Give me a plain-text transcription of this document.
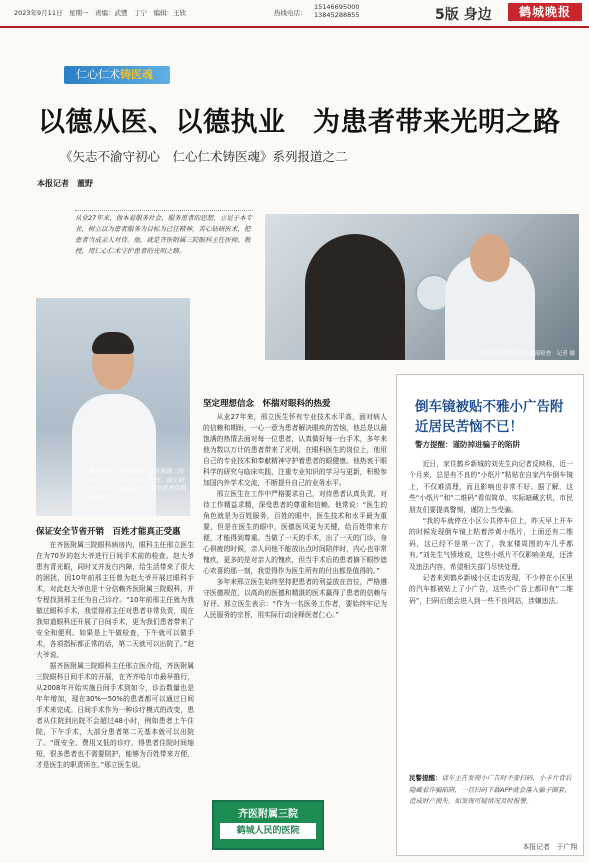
2023年9月11日　星期一　责编：武豐　丁宁　编辑：王欣	热线电话：
15146695000
13845288855	5版 身边	鹤城晚报
仁心仁术铸医魂
以德从医、以德执业　为患者带来光明之路
《矢志不渝守初心　仁心仁术铸医魂》系列报道之二
本报记者　董野
从业27年来，他本着服务社会、服务患者的思想，立足于本专业，树立以为患者服务为目标为己任精神，苦心钻研医术，把患者当成亲人对待。他，就是齐医附属三院眼科主任医师、教授，用仁心仁术守护患者的光明之路。
邢立医生为患者进行眼部检查　记者 摄
邢立医生，中共党员，齐医附属三院眼科主任、主任医师、教授、硕士研究生导师，从医27年，深受患者信赖和好评。
保证安全节省开销　百姓才能真正受惠

在齐医附属三院眼科病房内，眼科主任邢立医生在为70岁的赵大爷进行日间手术前的检查。赵大爷患有青光眼，同时又并发白内障，给生活带来了很大的困扰，因10年前邢主任曾为赵大爷开展过眼科手术，对此赵大爷也是十分信赖齐医附属三院眼科，并专程找到邢主任为自己诊疗。“10年前邢主任就为我做过眼科手术，我觉得邢主任对患者非常负责，现在我知道眼科还开展了日间手术，更为我们患者带来了安全和便利。如果是上午做检查，下午就可以做手术，各项指标都正常的话，第二天就可以出院了。”赵大爷说。

据齐医附属三院眼科主任邢立医介绍，齐医附属三院眼科日间手术的开展，在齐齐哈尔市最早推行，从2008年开始实施日间手术到如今，诊治数量也是年年增加，现在30%—50%的患者都可以通过日间手术来完成。日间手术作为一种诊疗模式的改变，患者从住院到出院不会超过48小时，例如患者上午住院，下午手术，大部分患者第二天基本就可以出院了。“既安全、费用又低的诊疗，得患者住院时间缩短，很多患者也不需要陪护，能够为百姓带来方便，才是医生的职责所在。”邢立医生说。

坚定理想信念　怀揣对眼科的热爱

从业27年来，邢立医生怀有专业技术水平高，面对病人的信赖和期盼，一心一意为患者解决眼疾的苦恼，他总是以最饱满的热情去面对每一位患者，认真做好每一台手术，多年来他为数以万计的患者带来了光明，在眼科医生的岗位上，他用自己的专业技术和奉献精神守护着患者的眼健康。他热衷于眼科学的研究与临床实践，注重专业知识的学习与更新，积极参加国内外学术交流，不断提升自己的业务水平。

邢立医生在工作中严格要求自己，对待患者认真负责，对待工作精益求精，深受患者的尊重和信赖。他常说：“医生的角色就是为百姓服务，百姓的眼中，医生技术和水平最为重要，但是在医生的眼中，医德医风更为关键，给百姓带来方便，才能得到尊重。当做了一天的手术，出了一天的门诊，身心俱疲的时候，亲人问他不能放出点时间陪伴时，内心也非常愧疚，更多的是对亲人的愧疚，但当手术后的患者摘下眼纱遮心欢喜的那一刻，我觉得作为医生所有的付出都是值得的。”

多年来邢立医生始终坚持把患者的利益放在首位，严格遵守医德规范，以高尚的医德和精湛的医术赢得了患者的信赖与好评。邢立医生表示：“作为一名医务工作者，要始终牢记为人民服务的宗旨，用实际行动诠释医者仁心。”

齐医附属三院
鹤城人民的医院
倒车镜被贴不雅小广告附近居民苦恼不已！
警方提醒：谨防掉进骗子的陷阱

近日，家住鹤乡新城的刘先生向记者反映称，近一个月来，总是有不良的“小纸片”粘贴在自家汽车倒车镜上，不仅难清理，而且影响也非常不好。据了解，这些“小纸片”和“二维码”看似简单，实际暗藏玄机，市民朋友们要提高警惕，谨防上当受骗。

“我的车就停在小区公共停车位上，昨天早上开车的时候发现倒车镜上粘着涉黄小纸片，上面还有二维码，这已经不是第一次了，我家楼周围的车几乎都有。”刘先生气愤地说，这些小纸片不仅影响美观，还涉及违法内容，希望相关部门尽快处理。

记者来到鹤乡新城小区走访发现，不少停在小区里的汽车都被贴上了小广告，这些小广告上都印有“二维码”，扫码后便会进入到一些不良网站，涉嫌违法。

民警提醒：请车主在发现小广告时不要扫码，小卡片背后隐藏着诈骗陷阱，一旦扫码下载APP就会落入骗子圈套，造成财产损失。如发现可疑情况及时报警。
本报记者　于广翔
